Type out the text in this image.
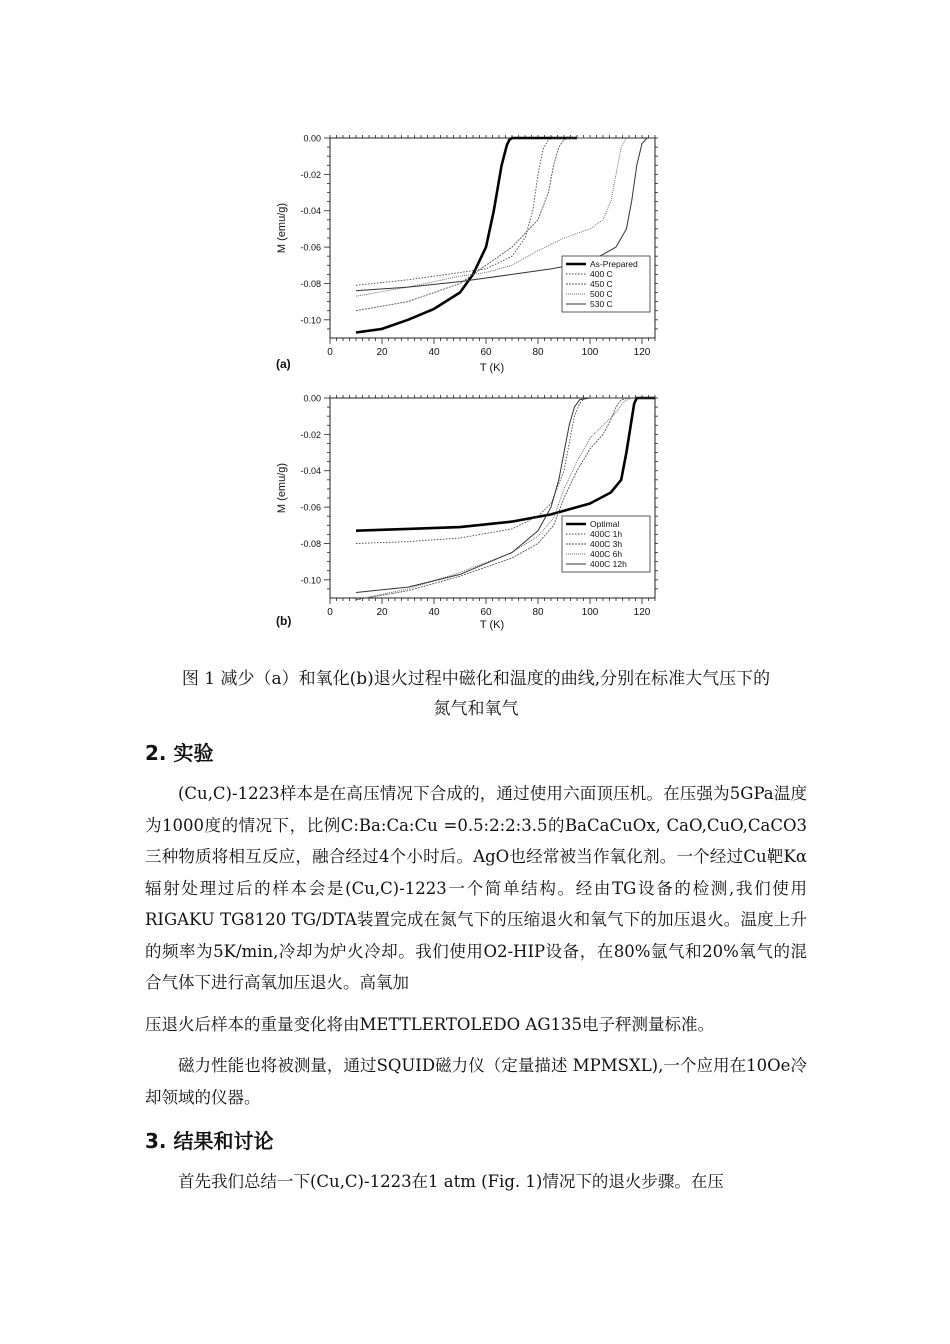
0	20	40	60	80	100	120
0.00
-0.02
-0.04
-0.06
-0.08
-0.10
As-Prepared
400 C
450 C
500 C
530 C
(a)	T (K)
M (emu/g)
0	20	40	60	80	100	120
0.00
-0.02
-0.04
-0.06
-0.08
-0.10
Optimal
400C 1h
400C 3h
400C 6h
400C 12h
(b)	T (K)
M (emu/g)
图 1 减少（a）和氧化(b)退火过程中磁化和温度的曲线,分别在标准大气压下的
氮气和氧气
2. 实验
(Cu,C)-1223样本是在高压情况下合成的，通过使用六面顶压机。在压强为5GPa温度为1000度的情况下，比例C:Ba:Ca:Cu =0.5:2:2:3.5的BaCaCuOx, CaO,CuO,CaCO3 三种物质将相互反应，融合经过4个小时后。AgO也经常被当作氧化剂。一个经过Cu靶Kα辐射处理过后的样本会是(Cu,C)-1223一个简单结构。经由TG设备的检测,我们使用RIGAKU TG8120 TG/DTA装置完成在氮气下的压缩退火和氧气下的加压退火。温度上升的频率为5K/min,冷却为炉火冷却。我们使用O2-HIP设备，在80%氩气和20%氧气的混合气体下进行高氧加压退火。高氧加
压退火后样本的重量变化将由METTLERTOLEDO AG135电子秤测量标准。
磁力性能也将被测量，通过SQUID磁力仪（定量描述 MPMSXL),一个应用在10Oe冷却领域的仪器。
3. 结果和讨论
首先我们总结一下(Cu,C)-1223在1 atm (Fig. 1)情况下的退火步骤。在压
